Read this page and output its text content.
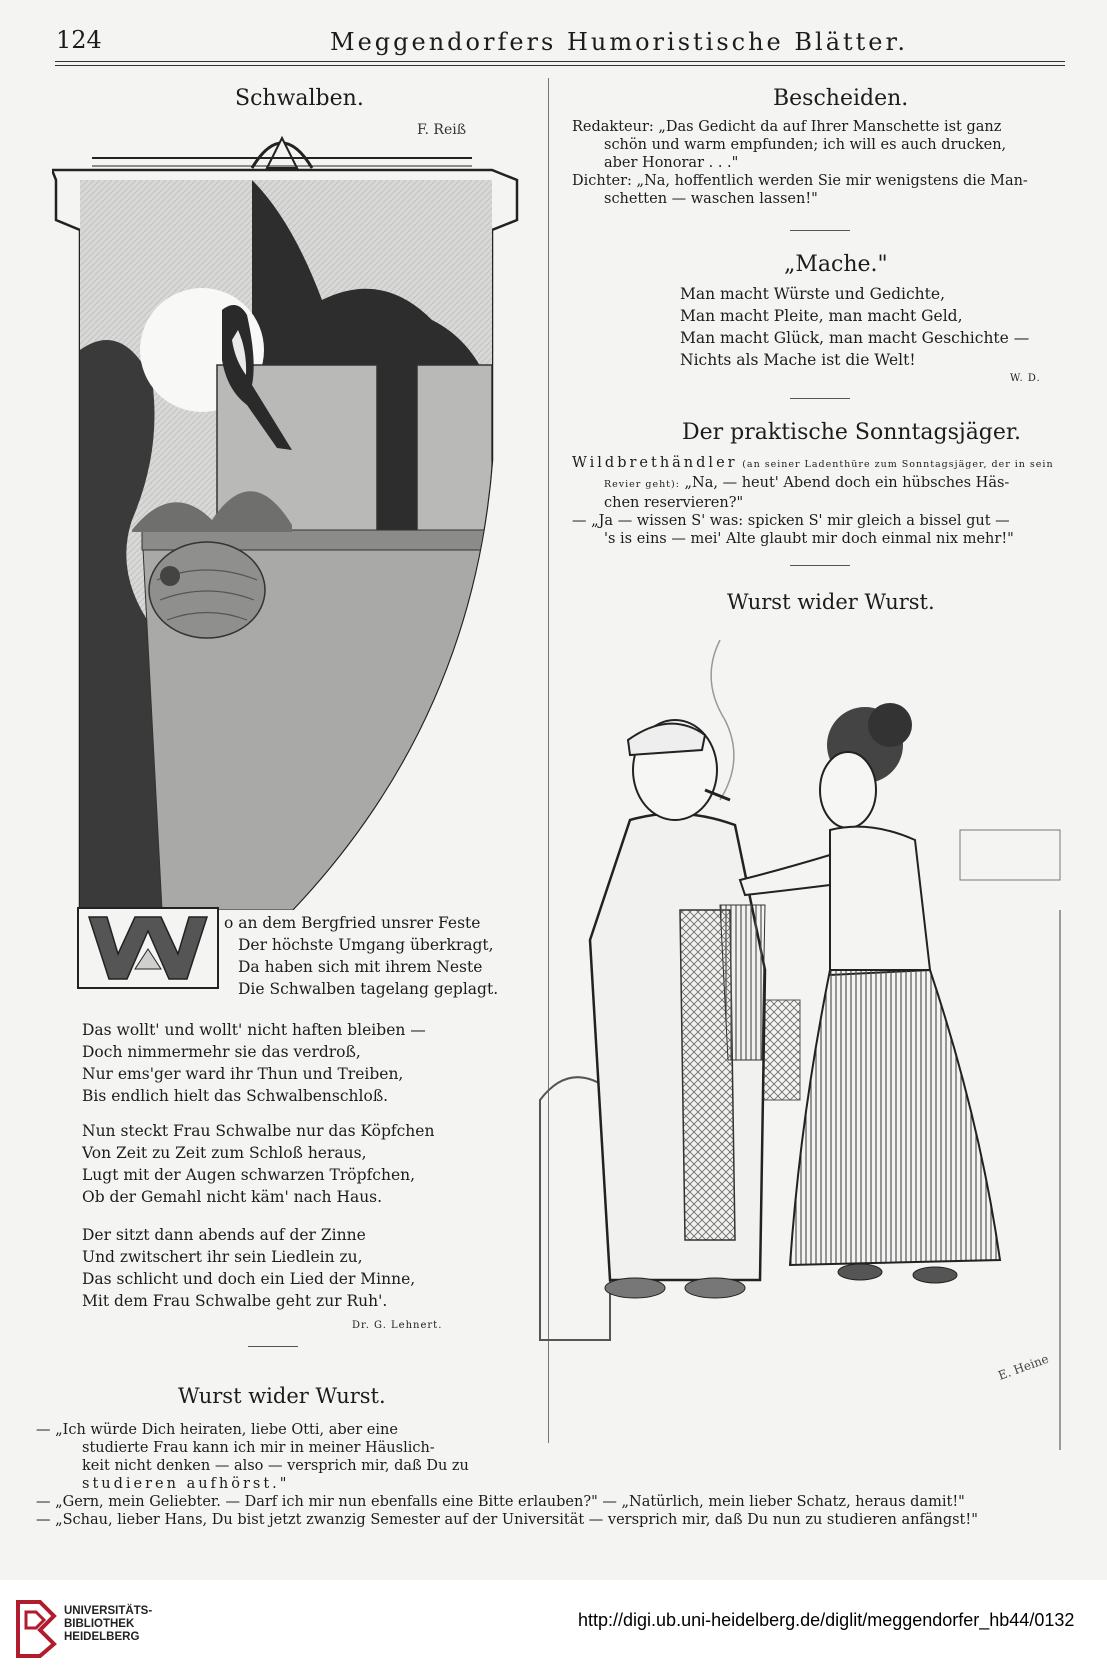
124	Meggendorfers Humoristische Blätter.
Schwalben.
F. Reiß

o an dem Bergfried unsrer Feste

Der höchste Umgang überkragt,

Da haben sich mit ihrem Neste

Die Schwalben tagelang geplagt.

Das wollt' und wollt' nicht haften bleiben —

Doch nimmermehr sie das verdroß,

Nur ems'ger ward ihr Thun und Treiben,

Bis endlich hielt das Schwalbenschloß.

Nun steckt Frau Schwalbe nur das Köpfchen

Von Zeit zu Zeit zum Schloß heraus,

Lugt mit der Augen schwarzen Tröpfchen,

Ob der Gemahl nicht käm' nach Haus.

Der sitzt dann abends auf der Zinne

Und zwitschert ihr sein Liedlein zu,

Das schlicht und doch ein Lied der Minne,

Mit dem Frau Schwalbe geht zur Ruh'.

Dr. G. Lehnert.
Wurst wider Wurst.

— „Ich würde Dich heiraten, liebe Otti, aber eine

studierte Frau kann ich mir in meiner Häuslich-

keit nicht denken — also — versprich mir, daß Du zu

studieren aufhörst."

Bescheiden.

Redakteur: „Das Gedicht da auf Ihrer Manschette ist ganz

schön und warm empfunden; ich will es auch drucken,

aber Honorar . . ."

Dichter: „Na, hoffentlich werden Sie mir wenigstens die Man-

schetten — waschen lassen!"

„Mache."

Man macht Würste und Gedichte,

Man macht Pleite, man macht Geld,

Man macht Glück, man macht Geschichte —

Nichts als Mache ist die Welt!

W. D.
Der praktische Sonntagsjäger.

Wildbrethändler (an seiner Ladenthüre zum Sonntagsjäger, der in sein

Revier geht): „Na, — heut' Abend doch ein hübsches Häs-

chen reservieren?"

— „Ja — wissen S' was: spicken S' mir gleich a bissel gut —

's is eins — mei' Alte glaubt mir doch einmal nix mehr!"

Wurst wider Wurst.
E. Heine

— „Gern, mein Geliebter. — Darf ich mir nun ebenfalls eine Bitte erlauben?" — „Natürlich, mein lieber Schatz, heraus damit!"

— „Schau, lieber Hans, Du bist jetzt zwanzig Semester auf der Universität — versprich mir, daß Du nun zu studieren anfängst!"

UNIVERSITÄTS-
BIBLIOTHEK
HEIDELBERG
http://digi.ub.uni-heidelberg.de/diglit/meggendorfer_hb44/0132
